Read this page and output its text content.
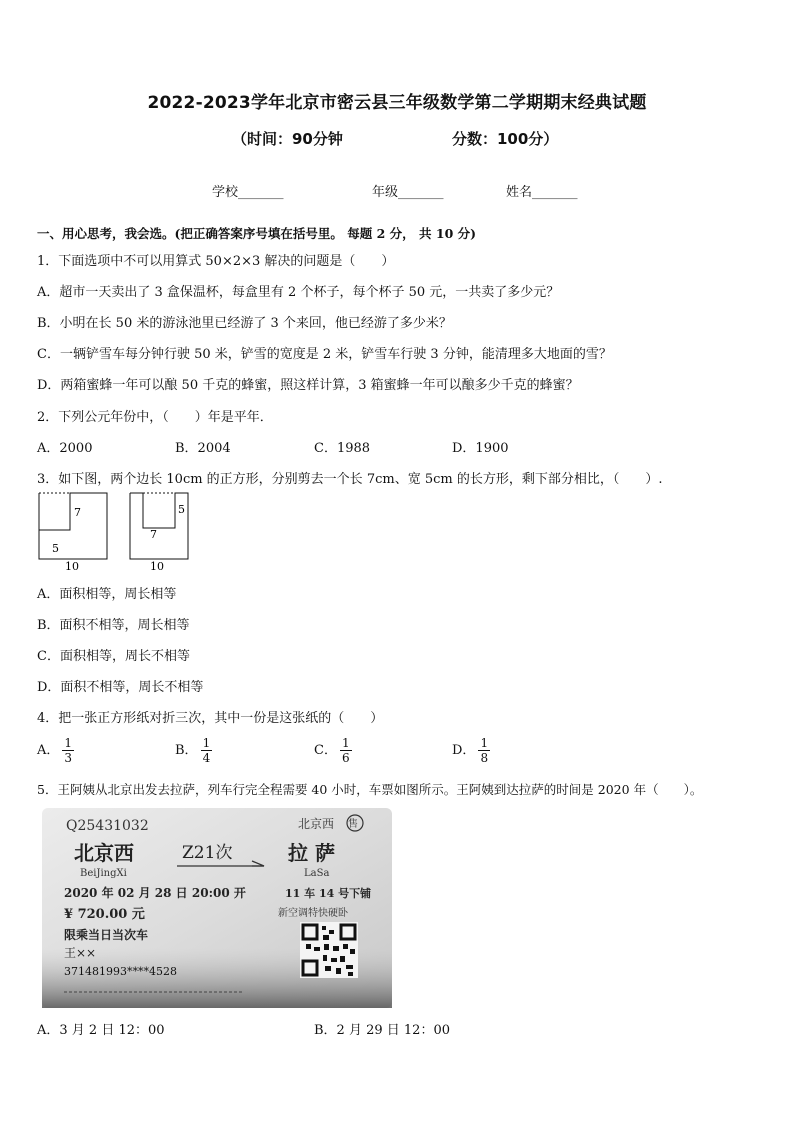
2022-2023学年北京市密云县三年级数学第二学期期末经典试题
（时间：90分钟	分数：100分）
学校_______	年级_______	姓名_______
一、用心思考，我会选。(把正确答案序号填在括号里。 每题 2 分， 共 10 分)
1．下面选项中不可以用算式 50×2×3 解决的问题是（　　）
A．超市一天卖出了 3 盒保温杯，每盒里有 2 个杯子，每个杯子 50 元，一共卖了多少元？
B．小明在长 50 米的游泳池里已经游了 3 个来回，他已经游了多少米？
C．一辆铲雪车每分钟行驶 50 米，铲雪的宽度是 2 米，铲雪车行驶 3 分钟，能清理多大地面的雪？
D．两箱蜜蜂一年可以酿 50 千克的蜂蜜，照这样计算，3 箱蜜蜂一年可以酿多少千克的蜂蜜？
2．下列公元年份中，（　　）年是平年．
A．2000	B．2004	C．1988	D．1900
3．如下图，两个边长 10cm 的正方形，分别剪去一个长 7cm、宽 5cm 的长方形，剩下部分相比，（　　）.
7
5
10
5
7
10
A．面积相等，周长相等
B．面积不相等，周长相等
C．面积相等，周长不相等
D．面积不相等，周长不相等
4．把一张正方形纸对折三次，其中一份是这张纸的（　　）
A． $\frac{1}{3}$	B． $\frac{1}{4}$	C． $\frac{1}{6}$	D． $\frac{1}{8}$
5．王阿姨从北京出发去拉萨，列车行完全程需要 40 小时，车票如图所示。王阿姨到达拉萨的时间是 2020 年（　　）。
Q25431032	北京西 售
北京西
BeiJingXi
Z21次	拉 萨
LaSa
2020 年 02 月 28 日 20:00 开	11 车 14 号下铺
¥ 720.00 元	新空调特快硬卧
限乘当日当次车
王××
371481993****4528
A．3 月 2 日 12：00	B．2 月 29 日 12：00
